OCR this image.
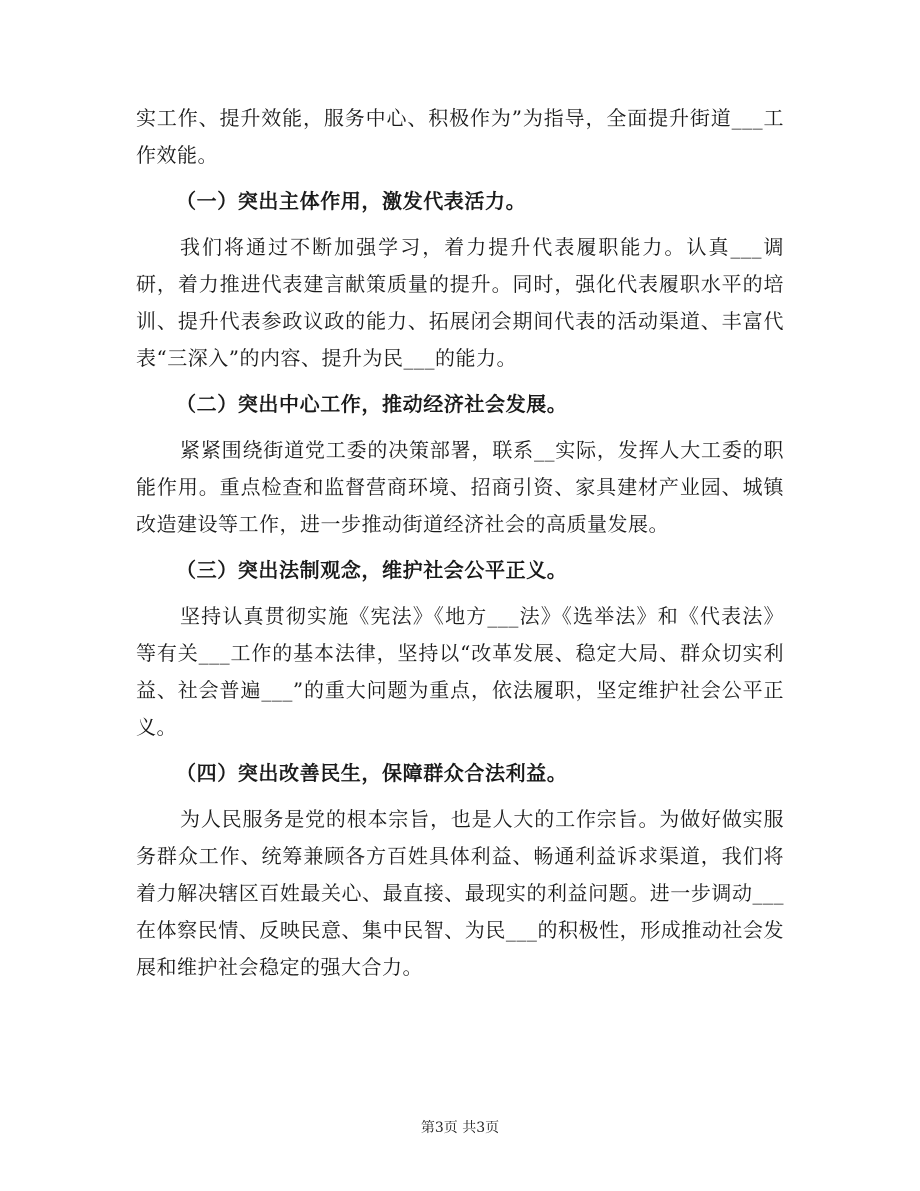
实工作、提升效能，服务中心、积极作为”为指导，全面提升街道___工作效能。

（一）突出主体作用，激发代表活力。

我们将通过不断加强学习，着力提升代表履职能力。认真___调研，着力推进代表建言献策质量的提升。同时，强化代表履职水平的培训、提升代表参政议政的能力、拓展闭会期间代表的活动渠道、丰富代表“三深入”的内容、提升为民___的能力。

（二）突出中心工作，推动经济社会发展。

紧紧围绕街道党工委的决策部署，联系__实际，发挥人大工委的职能作用。重点检查和监督营商环境、招商引资、家具建材产业园、城镇改造建设等工作，进一步推动街道经济社会的高质量发展。

（三）突出法制观念，维护社会公平正义。

坚持认真贯彻实施《宪法》《地方___法》《选举法》和《代表法》等有关___工作的基本法律，坚持以“改革发展、稳定大局、群众切实利益、社会普遍___”的重大问题为重点，依法履职，坚定维护社会公平正义。

（四）突出改善民生，保障群众合法利益。

为人民服务是党的根本宗旨，也是人大的工作宗旨。为做好做实服务群众工作、统筹兼顾各方百姓具体利益、畅通利益诉求渠道，我们将着力解决辖区百姓最关心、最直接、最现实的利益问题。进一步调动___在体察民情、反映民意、集中民智、为民___的积极性，形成推动社会发展和维护社会稳定的强大合力。

第3页 共3页
